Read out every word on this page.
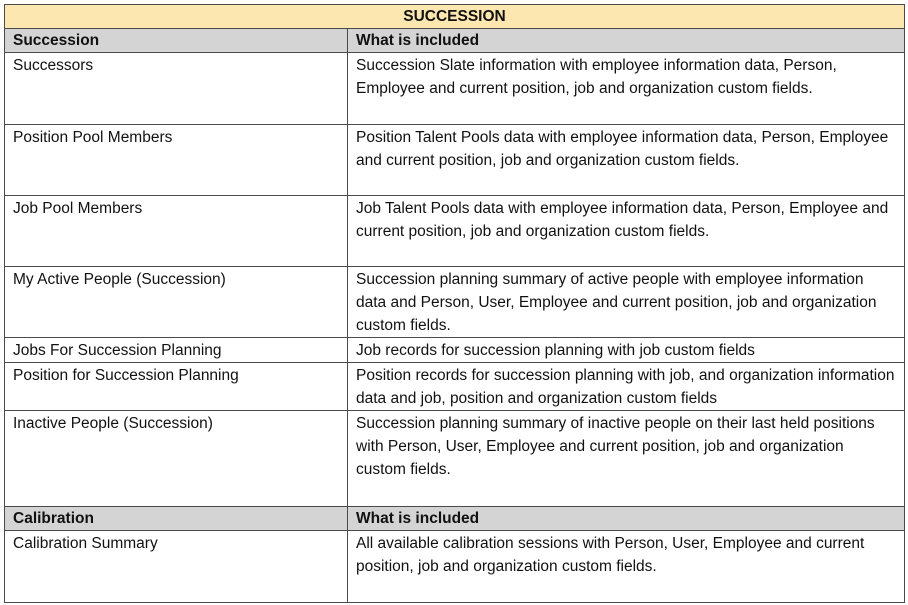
SUCCESSION	
Succession	What is included

Successors	Succession Slate information with employee information data, Person, Employee and current position, job and organization custom fields.

Position Pool Members	Position Talent Pools data with employee information data, Person, Employee and current position, job and organization custom fields.

Job Pool Members	Job Talent Pools data with employee information data, Person, Employee and current position, job and organization custom fields.

My Active People (Succession)	Succession planning summary of active people with employee information data and Person, User, Employee and current position, job and organization custom fields.

Jobs For Succession Planning	Job records for succession planning with job custom fields

Position for Succession Planning	Position records for succession planning with job, and organization information data and job, position and organization custom fields

Inactive People (Succession)	Succession planning summary of inactive people on their last held positions with Person, User, Employee and current position, job and organization custom fields.

Calibration	What is included

Calibration Summary	All available calibration sessions with Person, User, Employee and current position, job and organization custom fields.
